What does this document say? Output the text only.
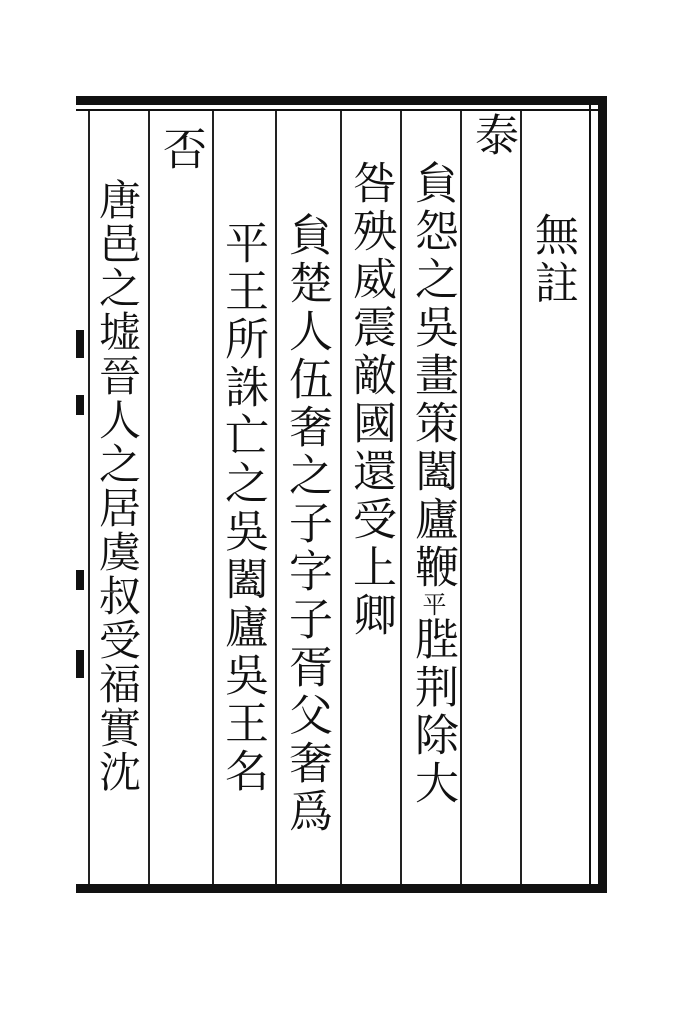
無註
泰
貟怨之吳畫策闔廬鞭平䏶荆除大
咎殃威震敵國還受上卿
貟楚人伍奢之子字子胥父奢爲
平王所誅亡之吳闔廬吳王名
否
唐邑之墟晉人之居虞叔受福實沈
